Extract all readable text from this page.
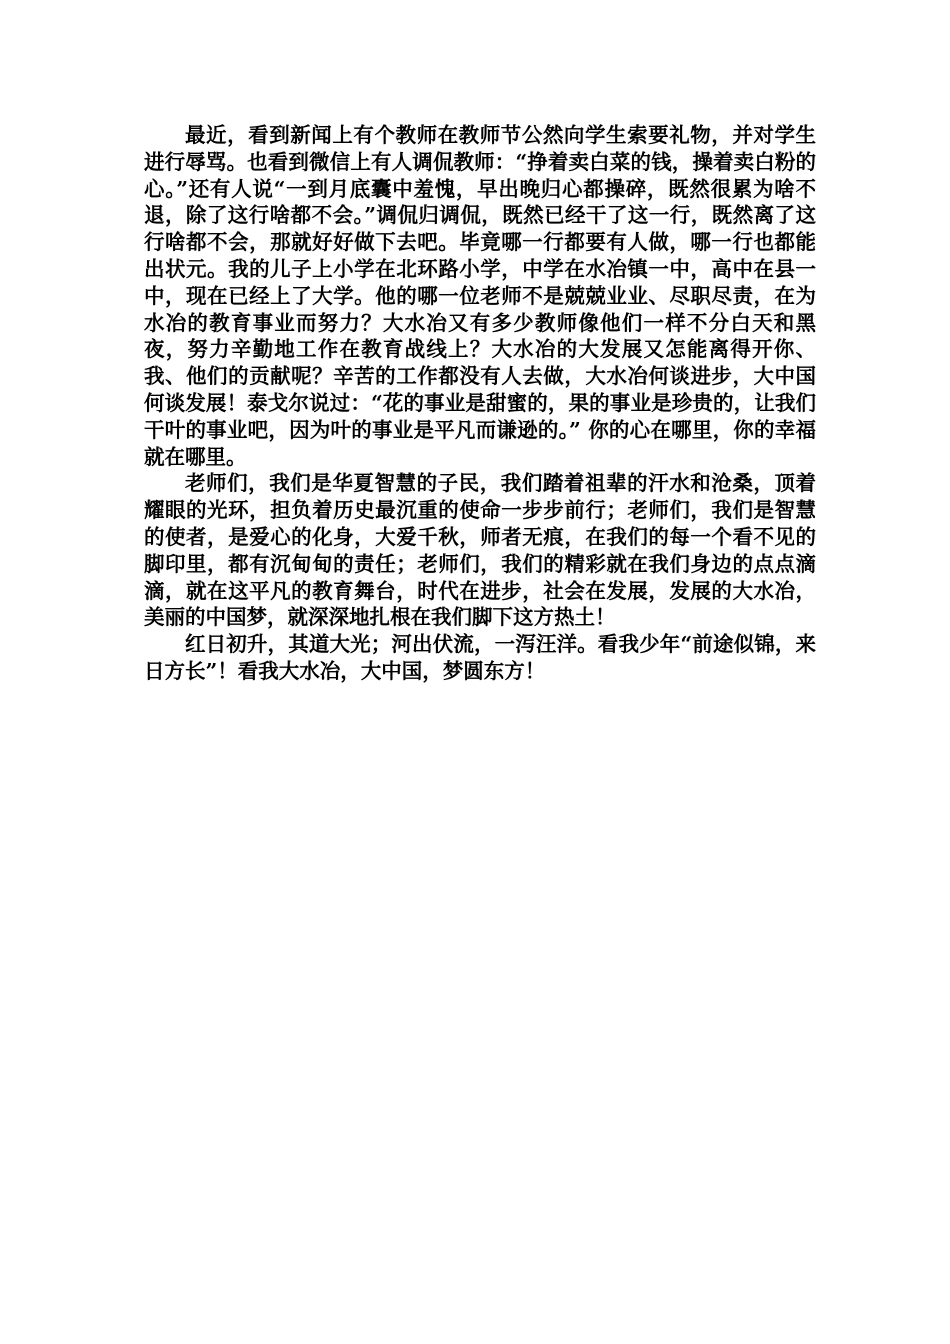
最近，看到新闻上有个教师在教师节公然向学生索要礼物，并对学生进行辱骂。也看到微信上有人调侃教师：“挣着卖白菜的钱，操着卖白粉的心。”还有人说“一到月底囊中羞愧，早出晚归心都操碎，既然很累为啥不退，除了这行啥都不会。”调侃归调侃，既然已经干了这一行，既然离了这行啥都不会，那就好好做下去吧。毕竟哪一行都要有人做，哪一行也都能出状元。我的儿子上小学在北环路小学，中学在水冶镇一中，高中在县一中，现在已经上了大学。他的哪一位老师不是兢兢业业、尽职尽责，在为水冶的教育事业而努力？大水冶又有多少教师像他们一样不分白天和黑夜，努力辛勤地工作在教育战线上？大水冶的大发展又怎能离得开你、我、他们的贡献呢？辛苦的工作都没有人去做，大水冶何谈进步，大中国何谈发展！泰戈尔说过：“花的事业是甜蜜的，果的事业是珍贵的，让我们干叶的事业吧，因为叶的事业是平凡而谦逊的。” 你的心在哪里，你的幸福就在哪里。

老师们，我们是华夏智慧的子民，我们踏着祖辈的汗水和沧桑，顶着耀眼的光环，担负着历史最沉重的使命一步步前行；老师们，我们是智慧的使者，是爱心的化身，大爱千秋，师者无痕，在我们的每一个看不见的脚印里，都有沉甸甸的责任；老师们，我们的精彩就在我们身边的点点滴滴，就在这平凡的教育舞台，时代在进步，社会在发展，发展的大水冶，美丽的中国梦，就深深地扎根在我们脚下这方热土！

红日初升，其道大光；河出伏流，一泻汪洋。看我少年“前途似锦，来日方长”！看我大水冶，大中国，梦圆东方！
